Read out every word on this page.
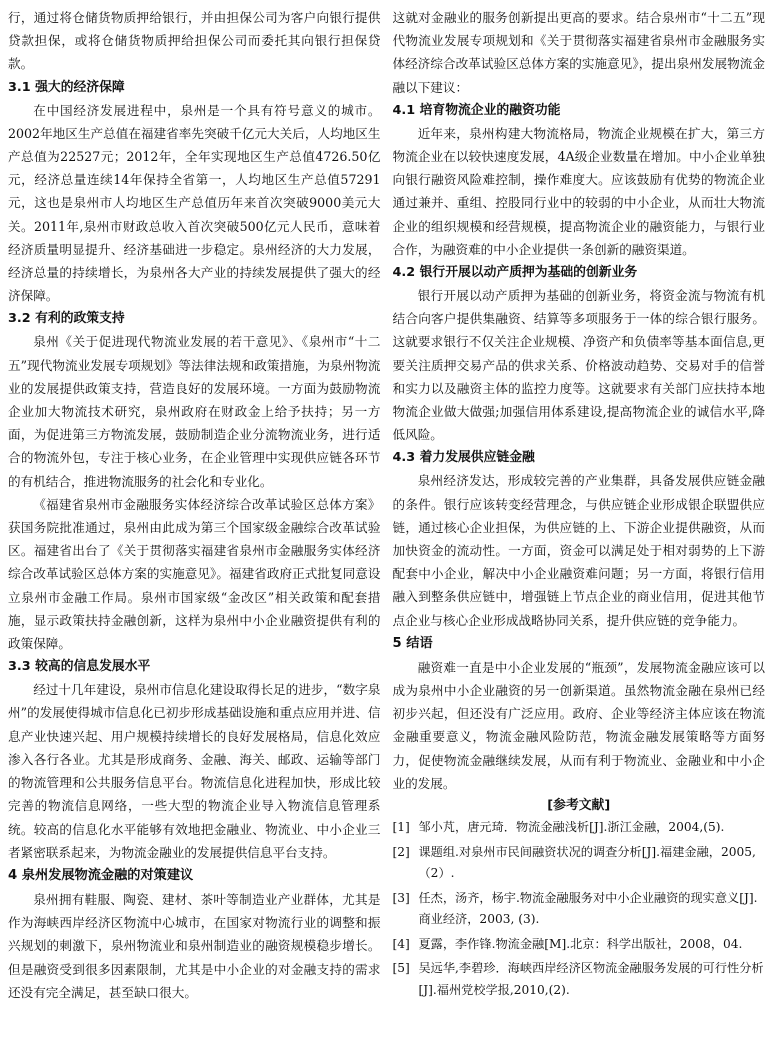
行，通过将仓储货物质押给银行，并由担保公司为客户向银行提供贷款担保，或将仓储货物质押给担保公司而委托其向银行担保贷款。

3.1 强大的经济保障

在中国经济发展进程中，泉州是一个具有符号意义的城市。2002年地区生产总值在福建省率先突破千亿元大关后，人均地区生产总值为22527元；2012年，全年实现地区生产总值4726.50亿元，经济总量连续14年保持全省第一，人均地区生产总值57291元，这也是泉州市人均地区生产总值历年来首次突破9000美元大关。2011年,泉州市财政总收入首次突破500亿元人民币，意味着经济质量明显提升、经济基础进一步稳定。泉州经济的大力发展，经济总量的持续增长，为泉州各大产业的持续发展提供了强大的经济保障。

3.2 有利的政策支持

泉州《关于促进现代物流业发展的若干意见》、《泉州市“十二五”现代物流业发展专项规划》等法律法规和政策措施，为泉州物流业的发展提供政策支持，营造良好的发展环境。一方面为鼓励物流企业加大物流技术研究，泉州政府在财政金上给予扶持；另一方面，为促进第三方物流发展，鼓励制造企业分流物流业务，进行适合的物流外包，专注于核心业务，在企业管理中实现供应链各环节的有机结合，推进物流服务的社会化和专业化。

《福建省泉州市金融服务实体经济综合改革试验区总体方案》获国务院批准通过，泉州由此成为第三个国家级金融综合改革试验区。福建省出台了《关于贯彻落实福建省泉州市金融服务实体经济综合改革试验区总体方案的实施意见》。福建省政府正式批复同意设立泉州市金融工作局。泉州市国家级“金改区”相关政策和配套措施，显示政策扶持金融创新，这样为泉州中小企业融资提供有利的政策保障。

3.3 较高的信息发展水平

经过十几年建设，泉州市信息化建设取得长足的进步，“数字泉州”的发展使得城市信息化已初步形成基础设施和重点应用并进、信息产业快速兴起、用户规模持续增长的良好发展格局，信息化效应渗入各行各业。尤其是形成商务、金融、海关、邮政、运输等部门的物流管理和公共服务信息平台。物流信息化进程加快，形成比较完善的物流信息网络，一些大型的物流企业导入物流信息管理系统。较高的信息化水平能够有效地把金融业、物流业、中小企业三者紧密联系起来，为物流金融业的发展提供信息平台支持。

4 泉州发展物流金融的对策建议

泉州拥有鞋服、陶瓷、建材、茶叶等制造业产业群体，尤其是作为海峡西岸经济区物流中心城市，在国家对物流行业的调整和振兴规划的刺激下，泉州物流业和泉州制造业的融资规模稳步增长。但是融资受到很多因素限制，尤其是中小企业的对金融支持的需求还没有完全满足，甚至缺口很大。

这就对金融业的服务创新提出更高的要求。结合泉州市“十二五”现代物流业发展专项规划和《关于贯彻落实福建省泉州市金融服务实体经济综合改革试验区总体方案的实施意见》，提出泉州发展物流金融以下建议：

4.1 培育物流企业的融资功能

近年来，泉州构建大物流格局，物流企业规模在扩大，第三方物流企业在以较快速度发展，4A级企业数量在增加。中小企业单独向银行融资风险难控制，操作难度大。应该鼓励有优势的物流企业通过兼并、重组、控股同行业中的较弱的中小企业，从而壮大物流企业的组织规模和经营规模，提高物流企业的融资能力，与银行业合作，为融资难的中小企业提供一条创新的融资渠道。

4.2 银行开展以动产质押为基础的创新业务

银行开展以动产质押为基础的创新业务，将资金流与物流有机结合向客户提供集融资、结算等多项服务于一体的综合银行服务。这就要求银行不仅关注企业规模、净资产和负债率等基本面信息,更要关注质押交易产品的供求关系、价格波动趋势、交易对手的信誉和实力以及融资主体的监控力度等。这就要求有关部门应扶持本地物流企业做大做强;加强信用体系建设,提高物流企业的诚信水平,降低风险。

4.3 着力发展供应链金融

泉州经济发达，形成较完善的产业集群，具备发展供应链金融的条件。银行应该转变经营理念，与供应链企业形成银企联盟供应链，通过核心企业担保，为供应链的上、下游企业提供融资，从而加快资金的流动性。一方面，资金可以满足处于相对弱势的上下游配套中小企业，解决中小企业融资难问题；另一方面，将银行信用融入到整条供应链中，增强链上节点企业的商业信用，促进其他节点企业与核心企业形成战略协同关系，提升供应链的竞争能力。

5 结语

融资难一直是中小企业发展的“瓶颈”，发展物流金融应该可以成为泉州中小企业融资的另一创新渠道。虽然物流金融在泉州已经初步兴起，但还没有广泛应用。政府、企业等经济主体应该在物流金融重要意义，物流金融风险防范，物流金融发展策略等方面努力，促使物流金融继续发展，从而有利于物流业、金融业和中小企业的发展。

[参考文献]
[1] 邹小芃，唐元琦．物流金融浅析[J].浙江金融，2004,(5).
[2] 课题组.对泉州市民间融资状况的调查分析[J].福建金融，2005,（2）.
[3] 任杰，汤齐，杨宇.物流金融服务对中小企业融资的现实意义[J].商业经济，2003, (3).
[4] 夏露，李作锋.物流金融[M].北京：科学出版社，2008，04.
[5] 吴远华,李碧珍．海峡西岸经济区物流金融服务发展的可行性分析[J].福州党校学报,2010,(2).
